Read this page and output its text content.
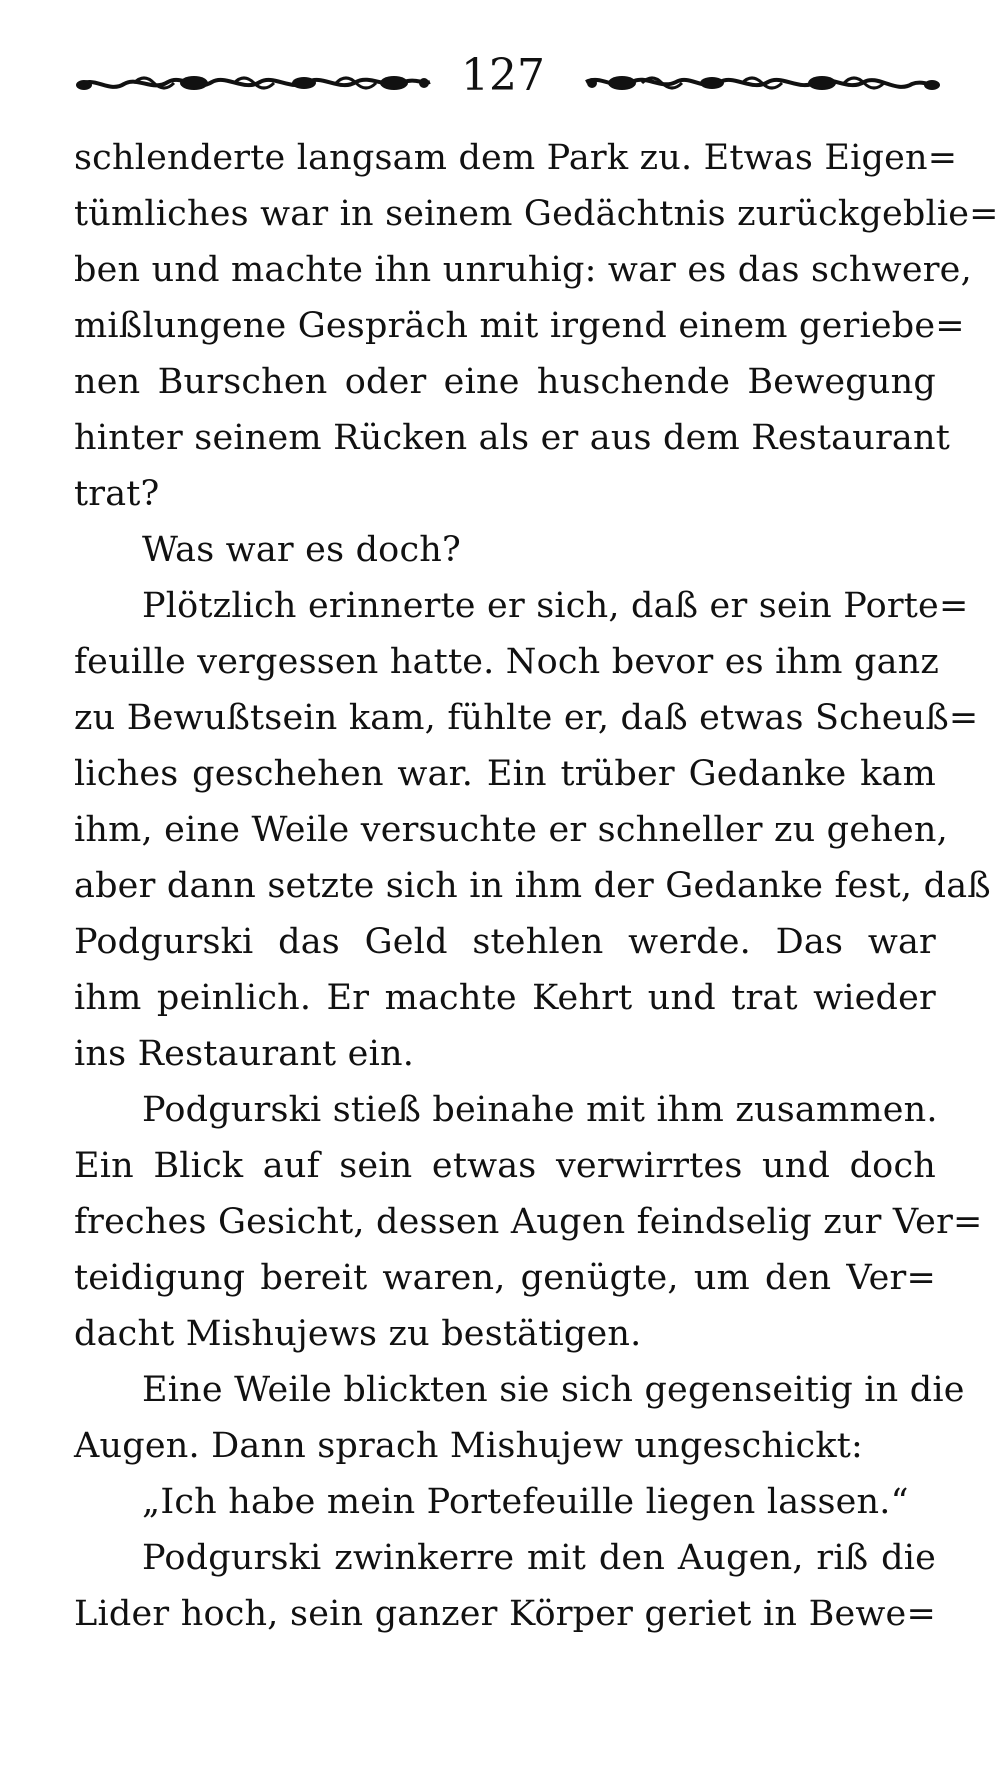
127
schlenderte langsam dem Park zu. Etwas Eigen=
tümliches war in seinem Gedächtnis zurückgeblie=
ben und machte ihn unruhig: war es das schwere,
mißlungene Gespräch mit irgend einem geriebe=
nen Burschen oder eine huschende Bewegung
hinter seinem Rücken als er aus dem Restaurant
trat?
Was war es doch?
Plötzlich erinnerte er sich, daß er sein Porte=
feuille vergessen hatte. Noch bevor es ihm ganz
zu Bewußtsein kam, fühlte er, daß etwas Scheuß=
liches geschehen war. Ein trüber Gedanke kam
ihm, eine Weile versuchte er schneller zu gehen,
aber dann setzte sich in ihm der Gedanke fest, daß
Podgurski das Geld stehlen werde. Das war
ihm peinlich. Er machte Kehrt und trat wieder
ins Restaurant ein.
Podgurski stieß beinahe mit ihm zusammen.
Ein Blick auf sein etwas verwirrtes und doch
freches Gesicht, dessen Augen feindselig zur Ver=
teidigung bereit waren, genügte, um den Ver=
dacht Mishujews zu bestätigen.
Eine Weile blickten sie sich gegenseitig in die
Augen. Dann sprach Mishujew ungeschickt:
„Ich habe mein Portefeuille liegen lassen.“
Podgurski zwinkerre mit den Augen, riß die
Lider hoch, sein ganzer Körper geriet in Bewe=
